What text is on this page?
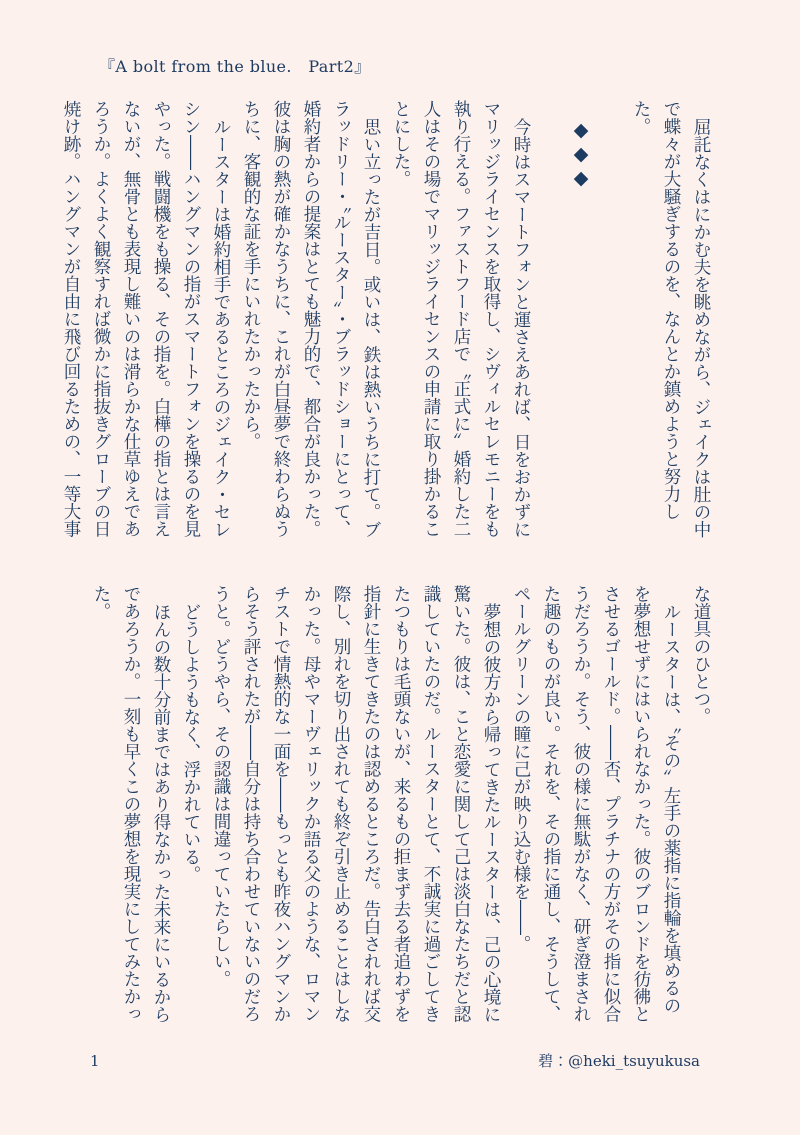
『A bolt from the blue.　Part2』

屈託なくはにかむ夫を眺めながら、ジェイクは肚の中で蝶々が大騒ぎするのを、なんとか鎮めようと努力した。

◆◆◆

今時はスマートフォンと運さえあれば、日をおかずにマリッジライセンスを取得し、シヴィルセレモニーをも執り行える。ファストフード店で〝正式に〟婚約した二人はその場でマリッジライセンスの申請に取り掛かることにした。

思い立ったが吉日。或いは、鉄は熱いうちに打て。ブラッドリー・〝ルースター〟・ブラッドショーにとって、婚約者からの提案はとても魅力的で、都合が良かった。彼は胸の熱が確かなうちに、これが白昼夢で終わらぬうちに、客観的な証を手にいれたかったから。

ルースターは婚約相手であるところのジェイク・セレシン――ハングマンの指がスマートフォンを操るのを見やった。戦闘機をも操る、その指を。白樺の指とは言えないが、無骨とも表現し難いのは滑らかな仕草ゆえであろうか。よくよく観察すれば微かに指抜きグローブの日焼け跡。ハングマンが自由に飛び回るための、一等大事

な道具のひとつ。

ルースターは、〝その〟左手の薬指に指輪を填めるのを夢想せずにはいられなかった。彼のブロンドを彷彿とさせるゴールド。――否、プラチナの方がその指に似合うだろうか。そう、彼の様に無駄がなく、研ぎ澄まされた趣のものが良い。それを、その指に通し、そうして、ペールグリーンの瞳に己が映り込む様を――。

夢想の彼方から帰ってきたルースターは、己の心境に驚いた。彼は、こと恋愛に関して己は淡白なたちだと認識していたのだ。ルースターとて、不誠実に過ごしてきたつもりは毛頭ないが、来るもの拒まず去る者追わずを指針に生きてきたのは認めるところだ。告白されれば交際し、別れを切り出されても終ぞ引き止めることはしなかった。母やマーヴェリックか語る父のような、ロマンチストで情熱的な一面を――もっとも昨夜ハングマンからそう評されたが――自分は持ち合わせていないのだろうと。どうやら、その認識は間違っていたらしい。

どうしようもなく、浮かれている。

ほんの数十分前まではあり得なかった未来にいるからであろうか。一刻も早くこの夢想を現実にしてみたかった。

1	碧：@heki_tsuyukusa
